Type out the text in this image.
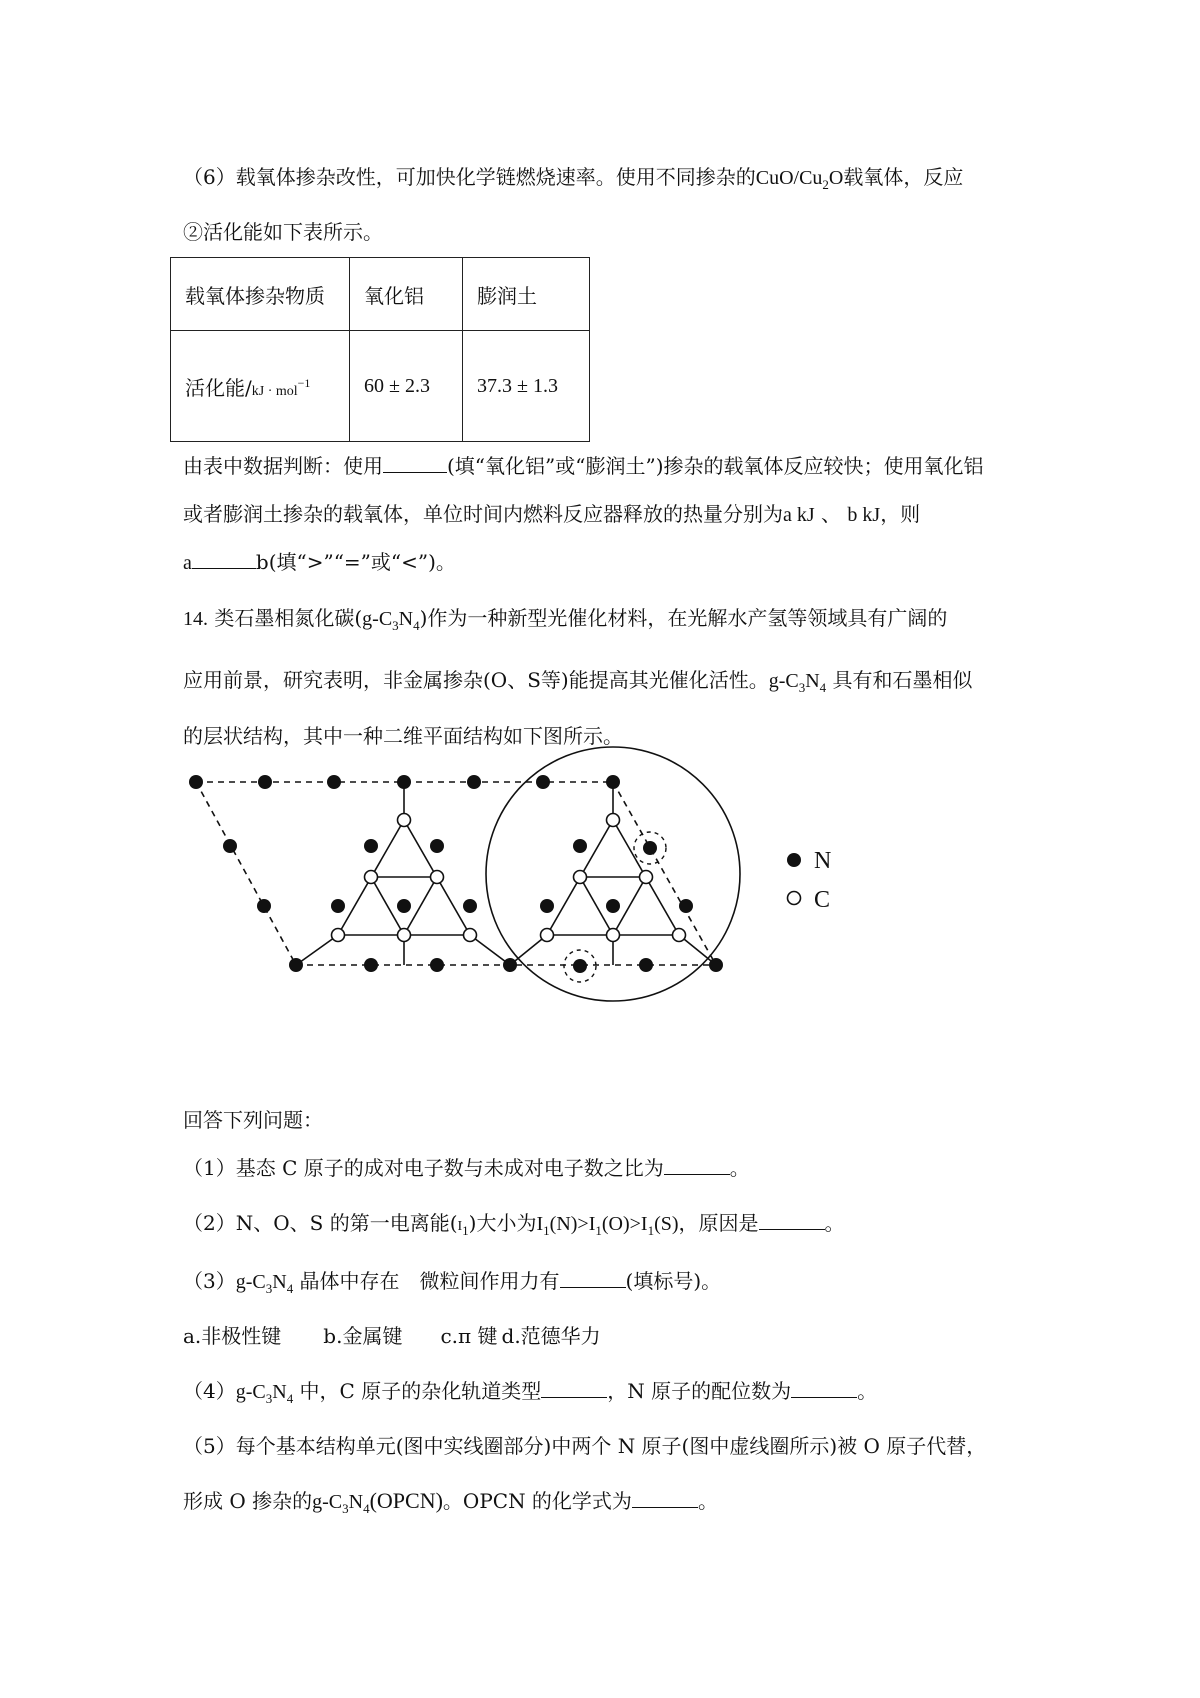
（6）载氧体掺杂改性，可加快化学链燃烧速率。使用不同掺杂的CuO/$Cu_2O$载氧体，反应
②活化能如下表所示。
载氧体掺杂物质	氧化铝	膨润土
活化能/kJ · mol$^{-1}$	60 ± 2.3	37.3 ± 1.3
由表中数据判断：使用	(填“氧化铝”或“膨润土”)掺杂的载氧体反应较快；使用氧化铝
或者膨润土掺杂的载氧体，单位时间内燃料反应器释放的热量分别为a kJ 、 b kJ，则
a	b(填“>”“=”或“<”)。
14. 类石墨相氮化碳$(g-C_3N_4)$作为一种新型光催化材料，在光解水产氢等领域具有广阔的
应用前景，研究表明，非金属掺杂(O、S等)能提高其光催化活性。$g-C_3N_4$ 具有和石墨相似
的层状结构，其中一种二维平面结构如下图所示。
N
C
回答下列问题：
（1）基态 C 原子的成对电子数与未成对电子数之比为	。
（2）N、O、S 的第一电离能$(I_1)$大小为$I_1(N)>I_1(O)>I_1(S)$，原因是	。
$(3)g-C_3N_4$ 晶体中存在　微粒间作用力有	(填标号)。
a.非极性键 b.金属键 c.π 键 d.范德华力
$(4)g-C_3N_4$ 中，C 原子的杂化轨道类型	，N 原子的配位数为	。
（5）每个基本结构单元(图中实线圈部分)中两个 N 原子(图中虚线圈所示)被 O 原子代替，
形成 O 掺杂的$g-C_3N_4(OPCN)$。OPCN 的化学式为	。
